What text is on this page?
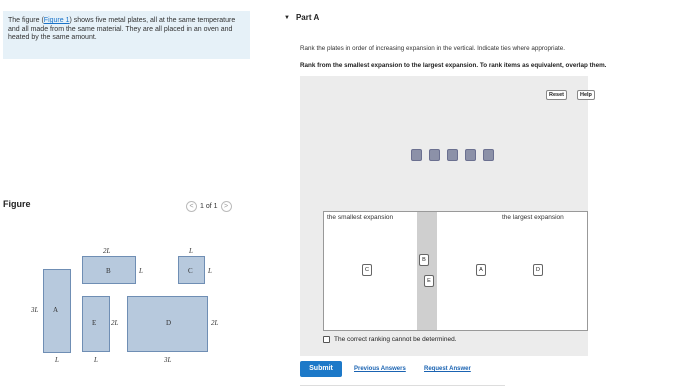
The figure (Figure 1) shows five metal plates, all at the same temperature and all made from the same material. They are all placed in an oven and heated by the same amount.
Figure	< 1 of 1 >
A
3L
L
B
2L
L	C
L
L
E 2L
L
D	2L
3L
▼ Part A
Rank the plates in order of increasing expansion in the vertical. Indicate ties where appropriate.
Rank from the smallest expansion to the largest expansion. To rank items as equivalent, overlap them.
Reset	Help
the smallest expansion	the largest expansion
C
B
E
A	D
The correct ranking cannot be determined.
Submit	Previous Answers	Request Answer
